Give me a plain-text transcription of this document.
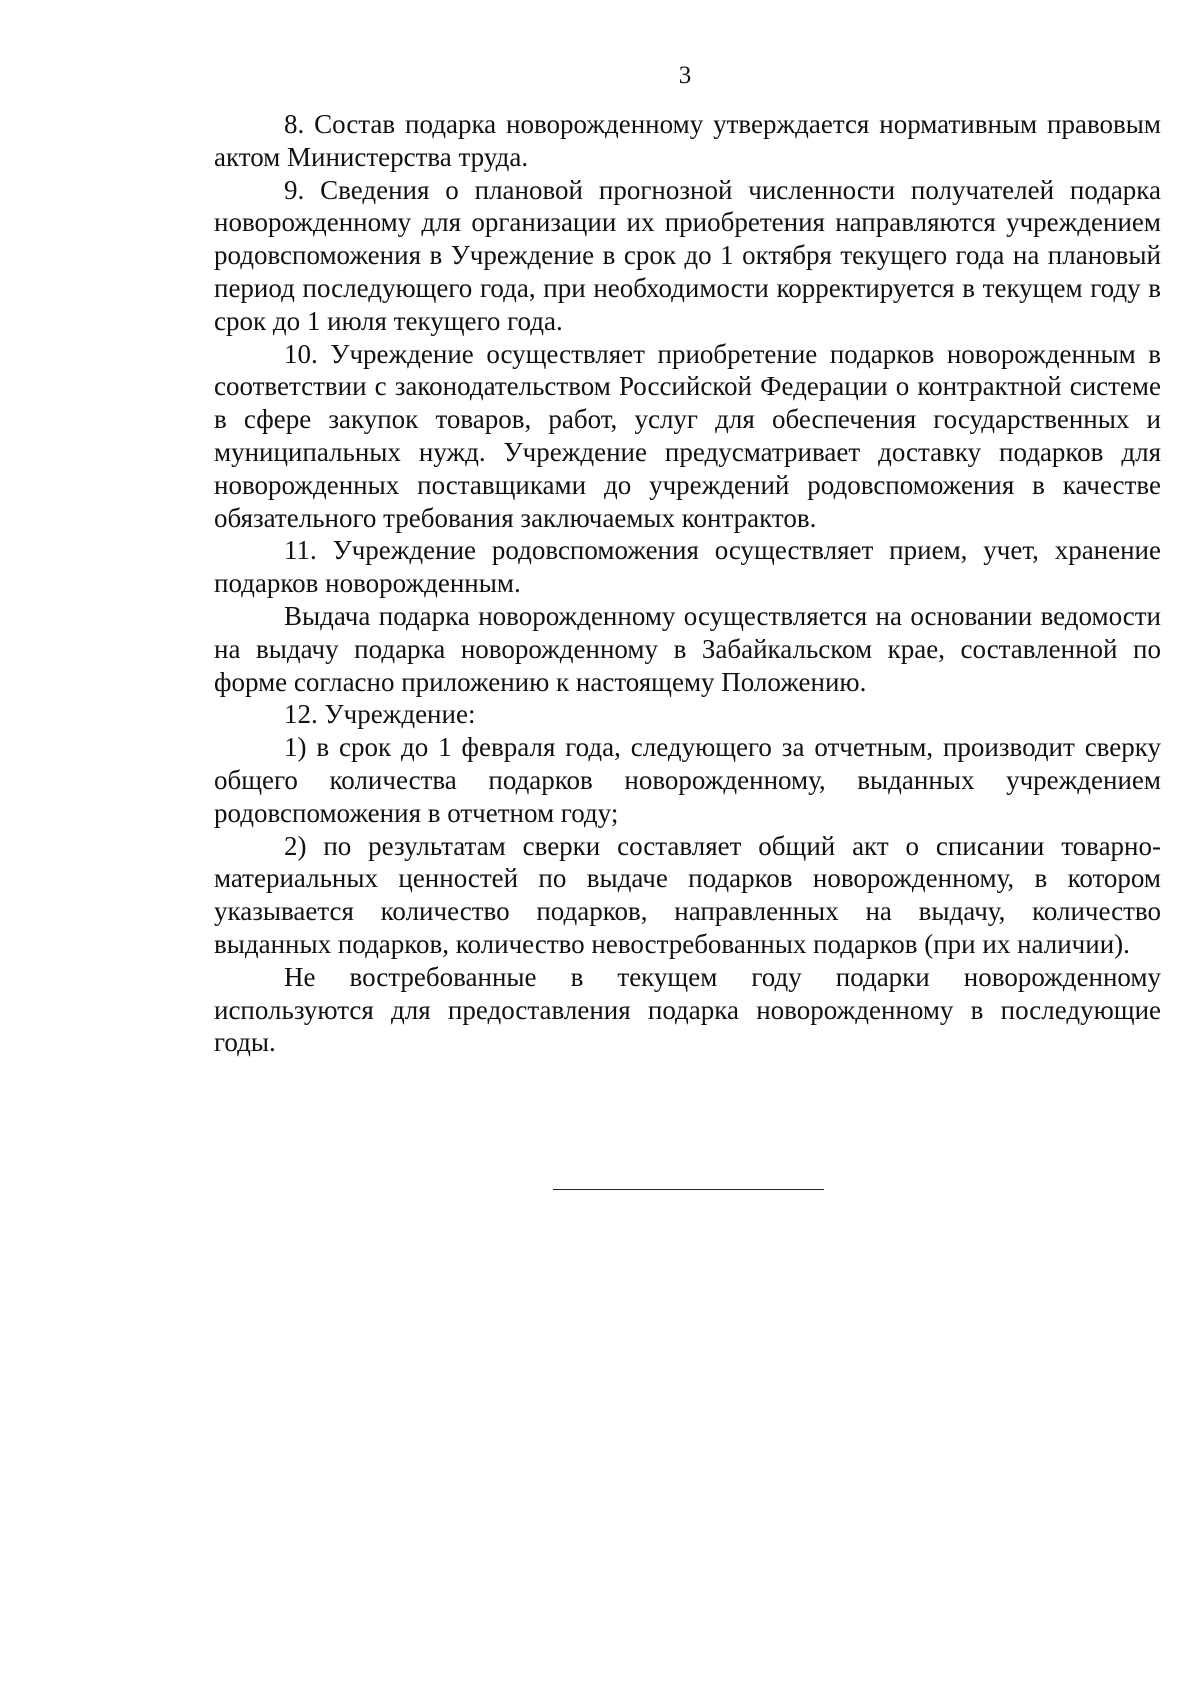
3

8. Состав подарка новорожденному утверждается нормативным правовым актом Министерства труда.

9. Сведения о плановой прогнозной численности получателей подарка новорожденному для организации их приобретения направляются учреждением родовспоможения в Учреждение в срок до 1 октября текущего года на плановый период последующего года, при необходимости корректируется в текущем году в срок до 1 июля текущего года.

10. Учреждение осуществляет приобретение подарков новорожденным в соответствии с законодательством Российской Федерации о контрактной системе в сфере закупок товаров, работ, услуг для обеспечения государственных и муниципальных нужд. Учреждение предусматривает доставку подарков для новорожденных поставщиками до учреждений родовспоможения в качестве обязательного требования заключаемых контрактов.

11. Учреждение родовспоможения осуществляет прием, учет, хранение подарков новорожденным.

Выдача подарка новорожденному осуществляется на основании ведомости на выдачу подарка новорожденному в Забайкальском крае, составленной по форме согласно приложению к настоящему Положению.

12. Учреждение:

1) в срок до 1 февраля года, следующего за отчетным, производит сверку общего количества подарков новорожденному, выданных учреждением родовспоможения в отчетном году;

2) по результатам сверки составляет общий акт о списании товарно-материальных ценностей по выдаче подарков новорожденному, в котором указывается количество подарков, направленных на выдачу, количество выданных подарков, количество невостребованных подарков (при их наличии).

Не востребованные в текущем году подарки новорожденному используются для предоставления подарка новорожденному в последующие годы.
